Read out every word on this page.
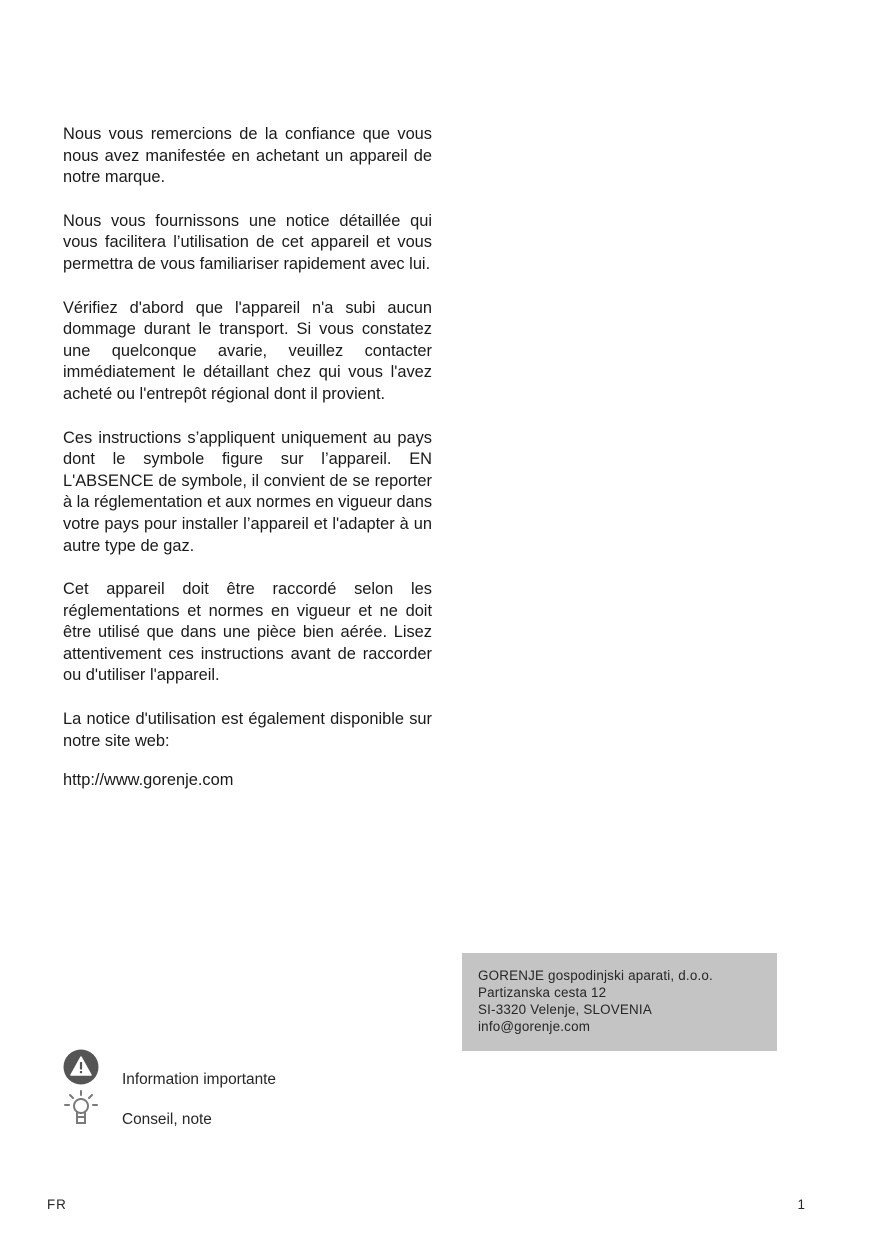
Nous vous remercions de la confiance que vous nous avez manifestée en achetant un appareil de notre marque.

Nous vous fournissons une notice détaillée qui vous facilitera l’utilisation de cet appareil et vous permettra de vous familiariser rapidement avec lui.

Vérifiez d'abord que l'appareil n'a subi aucun dommage durant le transport. Si vous constatez une quelconque avarie, veuillez contacter immédiatement le détaillant chez qui vous l'avez acheté ou l'entrepôt régional dont il provient.

Ces instructions s’appliquent uniquement au pays dont le symbole figure sur l’appareil. EN L'ABSENCE de symbole, il convient de se reporter à la réglementation et aux normes en vigueur dans votre pays pour installer l’appareil et l'adapter à un autre type de gaz.

Cet appareil doit être raccordé selon les réglementations et normes en vigueur et ne doit être utilisé que dans une pièce bien aérée. Lisez attentivement ces instructions avant de raccorder ou d'utiliser l'appareil.

La notice d'utilisation est également disponible sur notre site web:

http://www.gorenje.com

GORENJE gospodinjski aparati, d.o.o.
Partizanska cesta 12
SI-3320 Velenje, SLOVENIA
info@gorenje.com
Information importante
Conseil, note
FR	1
